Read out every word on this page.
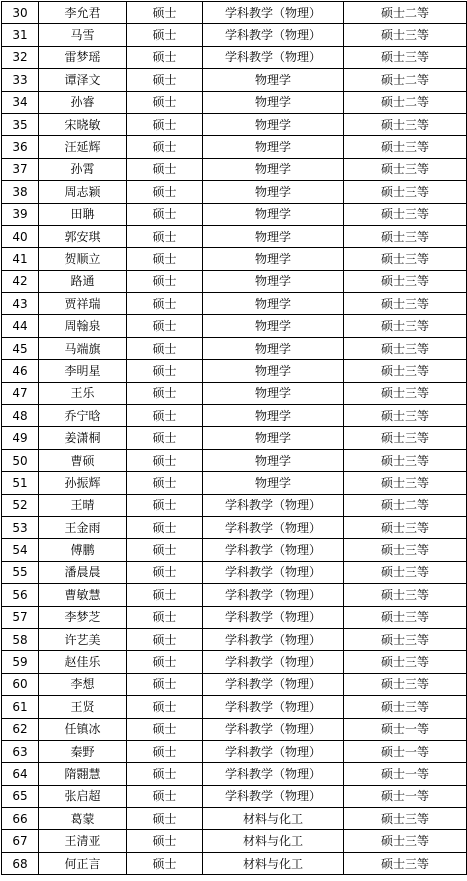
30	李允君	硕士	学科教学（物理）	硕士二等
31	马雪	硕士	学科教学（物理）	硕士三等
32	雷梦瑶	硕士	学科教学（物理）	硕士三等
33	谭泽文	硕士	物理学	硕士二等
34	孙睿	硕士	物理学	硕士二等
35	宋晓敏	硕士	物理学	硕士三等
36	汪延辉	硕士	物理学	硕士三等
37	孙霄	硕士	物理学	硕士三等
38	周志颖	硕士	物理学	硕士三等
39	田聃	硕士	物理学	硕士三等
40	郭安琪	硕士	物理学	硕士三等
41	贺顺立	硕士	物理学	硕士三等
42	路通	硕士	物理学	硕士三等
43	贾祥瑞	硕士	物理学	硕士三等
44	周翰泉	硕士	物理学	硕士三等
45	马端旗	硕士	物理学	硕士三等
46	李明星	硕士	物理学	硕士三等
47	王乐	硕士	物理学	硕士三等
48	乔宁晗	硕士	物理学	硕士三等
49	姜潇桐	硕士	物理学	硕士三等
50	曹硕	硕士	物理学	硕士三等
51	孙振辉	硕士	物理学	硕士三等
52	王晴	硕士	学科教学（物理）	硕士二等
53	王金雨	硕士	学科教学（物理）	硕士三等
54	傅鹏	硕士	学科教学（物理）	硕士三等
55	潘晨晨	硕士	学科教学（物理）	硕士三等
56	曹敏慧	硕士	学科教学（物理）	硕士三等
57	李梦芝	硕士	学科教学（物理）	硕士三等
58	许艺美	硕士	学科教学（物理）	硕士三等
59	赵佳乐	硕士	学科教学（物理）	硕士三等
60	李想	硕士	学科教学（物理）	硕士三等
61	王贤	硕士	学科教学（物理）	硕士三等
62	任镇冰	硕士	学科教学（物理）	硕士一等
63	秦野	硕士	学科教学（物理）	硕士一等
64	隋翾慧	硕士	学科教学（物理）	硕士一等
65	张启超	硕士	学科教学（物理）	硕士一等
66	葛蒙	硕士	材料与化工	硕士三等
67	王清亚	硕士	材料与化工	硕士三等
68	何正言	硕士	材料与化工	硕士三等
